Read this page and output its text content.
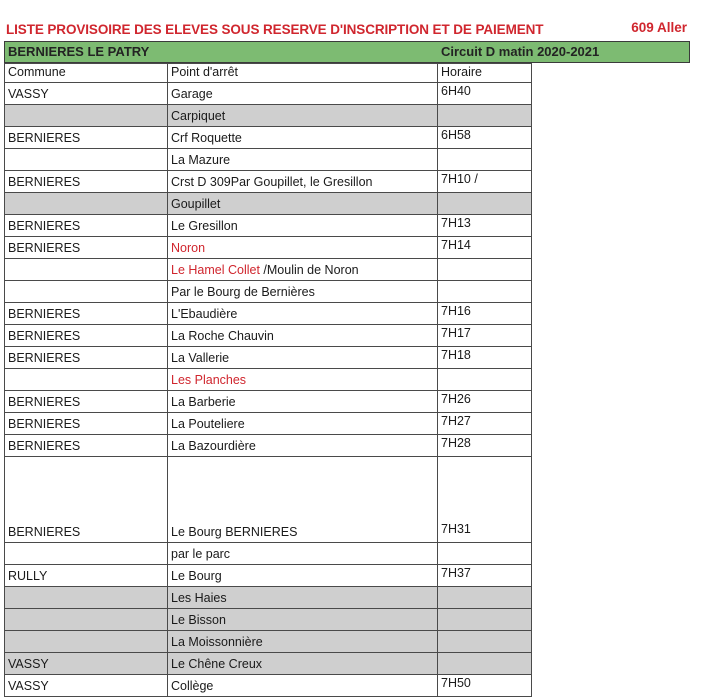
LISTE PROVISOIRE DES ELEVES SOUS RESERVE D'INSCRIPTION ET DE PAIEMENT	609 Aller
BERNIERES LE PATRY	Circuit D matin 2020-2021
Commune	Point d'arrêt	Horaire
VASSY	Garage	6H40
	Carpiquet	
BERNIERES	Crf Roquette	6H58
	La Mazure	
BERNIERES	Crst D 309Par Goupillet, le Gresillon	7H10 /
	Goupillet	
BERNIERES	Le Gresillon	7H13
BERNIERES	Noron	7H14
	Le Hamel Collet /Moulin de Noron	
	Par le Bourg de Bernières	
BERNIERES	L'Ebaudière	7H16
BERNIERES	La Roche Chauvin	7H17
BERNIERES	La Vallerie	7H18
	Les Planches	
BERNIERES	La Barberie	7H26
BERNIERES	La Pouteliere	7H27
BERNIERES	La Bazourdière	7H28
BERNIERES	Le Bourg BERNIERES	7H31
	par le parc	
RULLY	Le Bourg	7H37
	Les Haies	
	Le Bisson	
	La Moissonnière	
VASSY	Le Chêne Creux	
VASSY	Collège	7H50
